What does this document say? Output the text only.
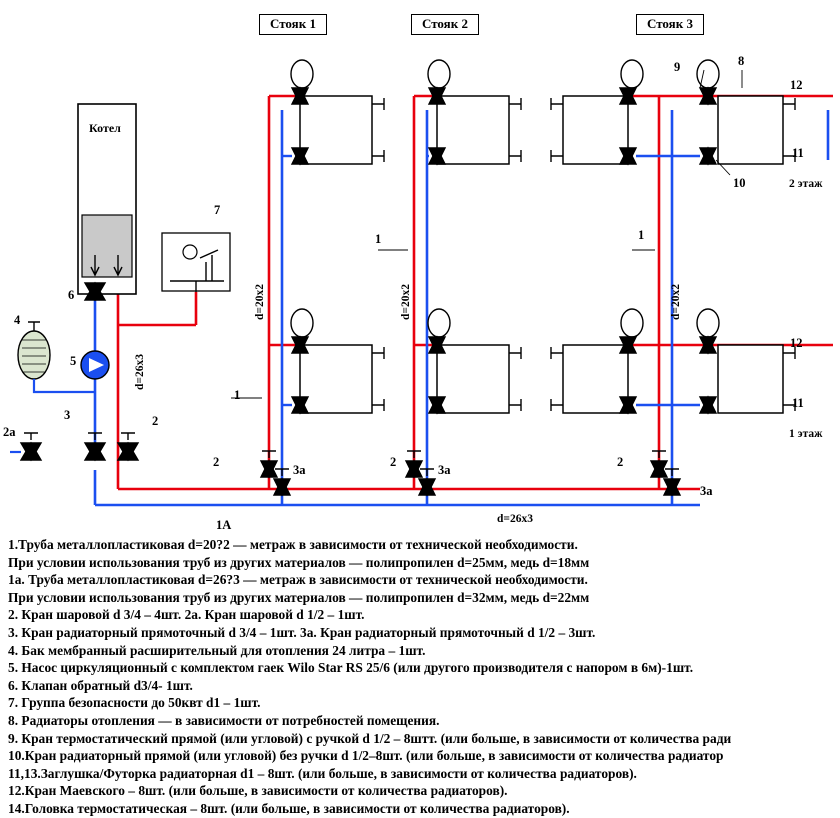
Стояк 1	Стояк 2	Стояк 3
Котел
d=26х3
d=20х2	d=20х2	d=20х2
d=26х3
2 этаж
1 этаж
7
6
5
4
3	2
2а
1
1	1
1А
2
3а
2
3а
2
3а
8
9
10
11
12
11
12
1.Труба металлопластиковая d=20?2 — метраж в зависимости от технической необходимости.
При условии использования труб из других материалов — полипропилен d=25мм, медь d=18мм
1а. Труба металлопластиковая d=26?3 — метраж в зависимости от технической необходимости.
При условии использования труб из других материалов — полипропилен d=32мм, медь d=22мм
2. Кран шаровой d 3/4 – 4шт. 2а. Кран шаровой d 1/2 – 1шт.
3. Кран радиаторный прямоточный d 3/4 – 1шт. 3а. Кран радиаторный прямоточный d 1/2 – 3шт.
4. Бак мембранный расширительный для отопления 24 литра – 1шт.
5. Насос циркуляционный с комплектом гаек Wilo Star RS 25/6 (или другого производителя с напором в 6м)-1шт.
6. Клапан обратный d3/4- 1шт.
7. Группа безопасности до 50квт d1 – 1шт.
8. Радиаторы отопления — в зависимости от потребностей помещения.
9. Кран термостатический прямой (или угловой) с ручкой d 1/2 – 8штт. (или больше, в зависимости от количества ради
10.Кран радиаторный прямой (или угловой) без ручки d 1/2–8шт. (или больше, в зависимости от количества радиатор
11,13.Заглушка/Футорка радиаторная d1 – 8шт. (или больше, в зависимости от количества радиаторов).
12.Кран Маевского – 8шт. (или больше, в зависимости от количества радиаторов).
14.Головка термостатическая – 8шт. (или больше, в зависимости от количества радиаторов).
